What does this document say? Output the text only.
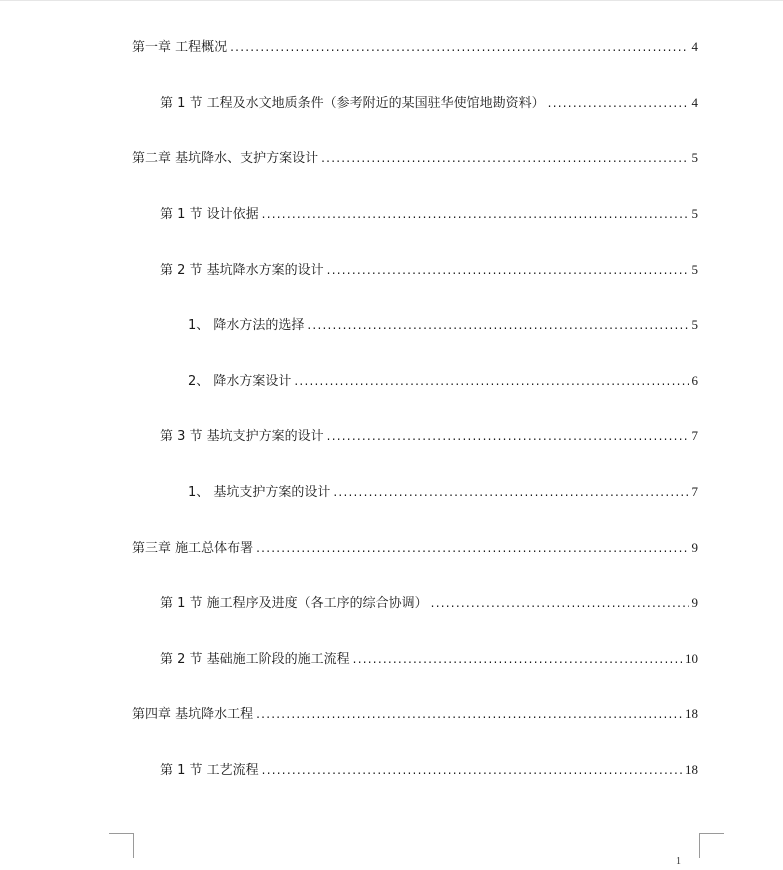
第一章 工程概况 . . .	4
第 1 节 工程及水文地质条件（参考附近的某国驻华使馆地勘资料） . . .	4
第二章 基坑降水、支护方案设计 . . .	5
第 1 节 设计依据 . . .	5
第 2 节 基坑降水方案的设计 . . .	5
1、 降水方法的选择 . . .	5
2、 降水方案设计 . . .	6
第 3 节 基坑支护方案的设计 . . .	7
1、 基坑支护方案的设计 . . .	7
第三章 施工总体布署 . . .	9
第 1 节 施工程序及进度（各工序的综合协调） . . .	9
第 2 节 基础施工阶段的施工流程 . . .	10
第四章 基坑降水工程 . . .	18
第 1 节 工艺流程 . . .	18
1
